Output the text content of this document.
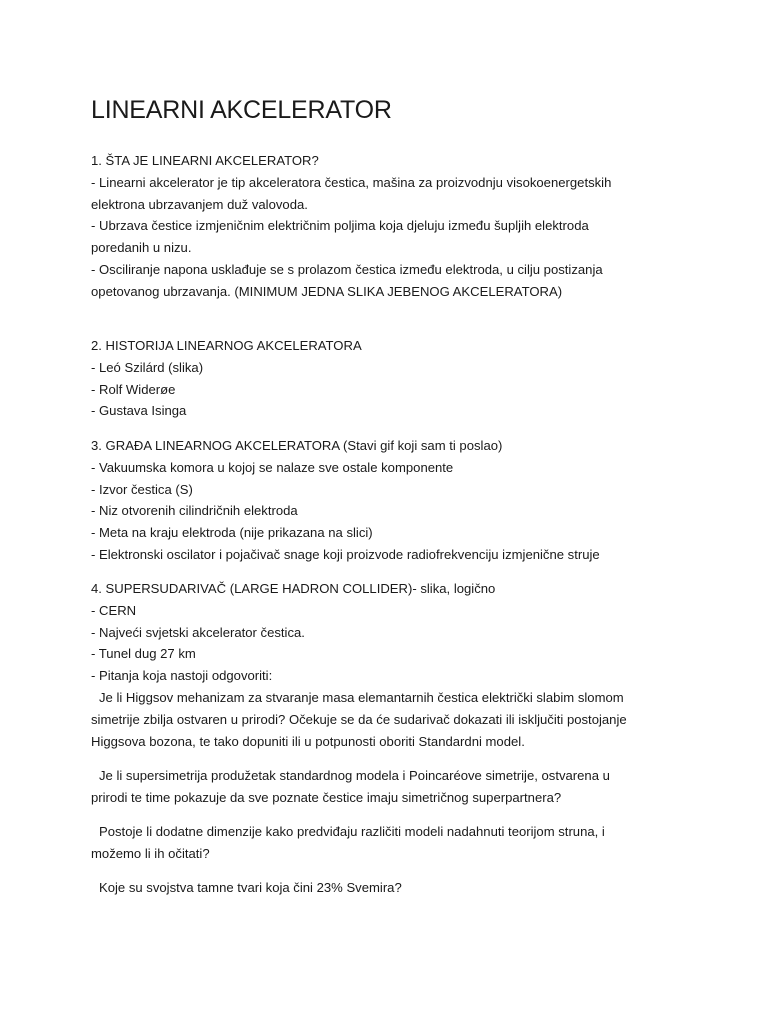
LINEARNI AKCELERATOR
1. ŠTA JE LINEARNI AKCELERATOR?
- Linearni akcelerator je tip akceleratora čestica, mašina za proizvodnju visokoenergetskih
elektrona ubrzavanjem duž valovoda.
- Ubrzava čestice izmjeničnim električnim poljima koja djeluju između šupljih elektroda
poredanih u nizu.
- Osciliranje napona usklađuje se s prolazom čestica između elektroda, u cilju postizanja
opetovanog ubrzavanja. (MINIMUM JEDNA SLIKA JEBENOG AKCELERATORA)
2. HISTORIJA LINEARNOG AKCELERATORA
- Leó Szilárd (slika)
- Rolf Widerøe
- Gustava Isinga
3. GRAĐA LINEARNOG AKCELERATORA (Stavi gif koji sam ti poslao)
- Vakuumska komora u kojoj se nalaze sve ostale komponente
- Izvor čestica (S)
- Niz otvorenih cilindričnih elektroda
- Meta na kraju elektroda (nije prikazana na slici)
- Elektronski oscilator i pojačivač snage koji proizvode radiofrekvenciju izmjenične struje
4. SUPERSUDARIVAČ (LARGE HADRON COLLIDER)- slika, logično
- CERN
- Najveći svjetski akcelerator čestica.
- Tunel dug 27 km
- Pitanja koja nastoji odgovoriti:
Je li Higgsov mehanizam za stvaranje masa elemantarnih čestica električki slabim slomom
simetrije zbilja ostvaren u prirodi? Očekuje se da će sudarivač dokazati ili isključiti postojanje
Higgsova bozona, te tako dopuniti ili u potpunosti oboriti Standardni model.
Je li supersimetrija produžetak standardnog modela i Poincaréove simetrije, ostvarena u
prirodi te time pokazuje da sve poznate čestice imaju simetričnog superpartnera?
Postoje li dodatne dimenzije kako predviđaju različiti modeli nadahnuti teorijom struna, i
možemo li ih očitati?
Koje su svojstva tamne tvari koja čini 23% Svemira?
